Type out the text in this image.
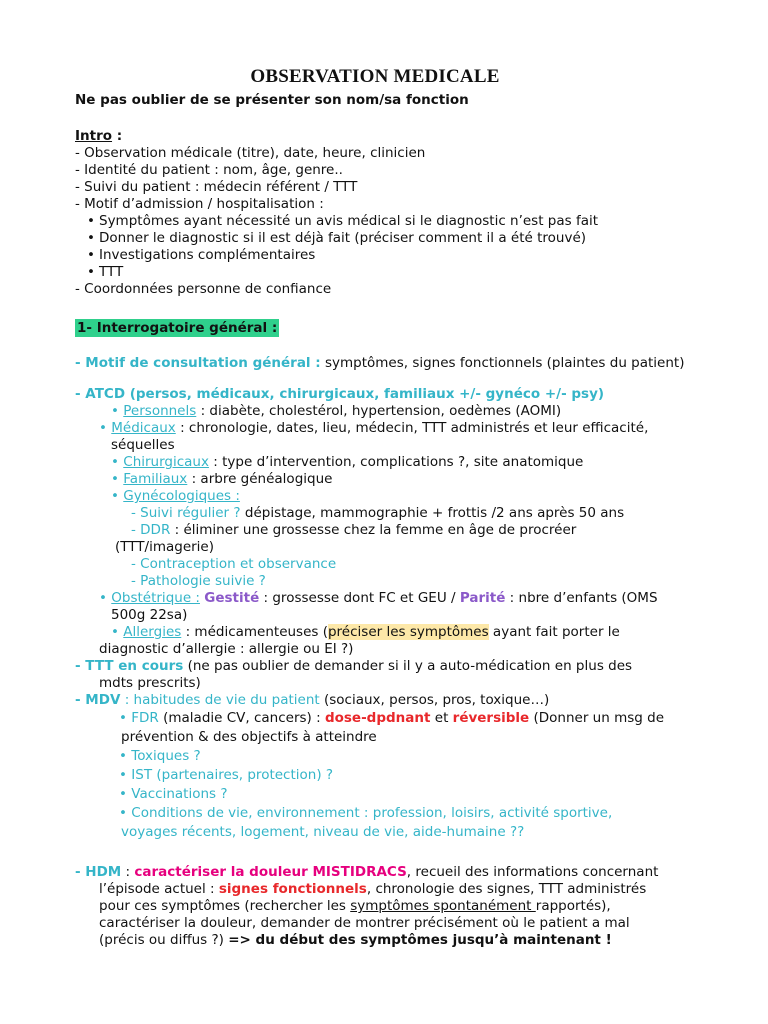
OBSERVATION MEDICALE
Ne pas oublier de se présenter son nom/sa fonction
Intro :
- Observation médicale (titre), date, heure, clinicien
- Identité du patient : nom, âge, genre..
- Suivi du patient : médecin référent / TTT
- Motif d’admission / hospitalisation :
• Symptômes ayant nécessité un avis médical si le diagnostic n’est pas fait
• Donner le diagnostic si il est déjà fait (préciser comment il a été trouvé)
• Investigations complémentaires
• TTT
- Coordonnées personne de confiance
1- Interrogatoire général :
- Motif de consultation général : symptômes, signes fonctionnels (plaintes du patient)
- ATCD (persos, médicaux, chirurgicaux, familiaux +/- gynéco +/- psy)
• Personnels : diabète, cholestérol, hypertension, oedèmes (AOMI)
• Médicaux : chronologie, dates, lieu, médecin, TTT administrés et leur efficacité, séquelles
• Chirurgicaux : type d’intervention, complications ?, site anatomique
• Familiaux : arbre généalogique
• Gynécologiques :
- Suivi régulier ? dépistage, mammographie + frottis /2 ans après 50 ans
- DDR : éliminer une grossesse chez la femme en âge de procréer
(TTT/imagerie)
- Contraception et observance
- Pathologie suivie ?
• Obstétrique : Gestité : grossesse dont FC et GEU / Parité : nbre d’enfants (OMS 500g 22sa)
• Allergies : médicamenteuses (préciser les symptômes ayant fait porter le
diagnostic d’allergie : allergie ou EI ?)
- TTT en cours (ne pas oublier de demander si il y a auto-médication en plus des
mdts prescrits)
- MDV : habitudes de vie du patient (sociaux, persos, pros, toxique…)
• FDR (maladie CV, cancers) : dose-dpdnant et réversible (Donner un msg de
prévention & des objectifs à atteindre
• Toxiques ?
• IST (partenaires, protection) ?
• Vaccinations ?
• Conditions de vie, environnement : profession, loisirs, activité sportive,
voyages récents, logement, niveau de vie, aide-humaine ??
- HDM : caractériser la douleur MISTIDRACS, recueil des informations concernant
l’épisode actuel : signes fonctionnels, chronologie des signes, TTT administrés
pour ces symptômes (rechercher les symptômes spontanément rapportés),
caractériser la douleur, demander de montrer précisément où le patient a mal
(précis ou diffus ?) => du début des symptômes jusqu’à maintenant !
